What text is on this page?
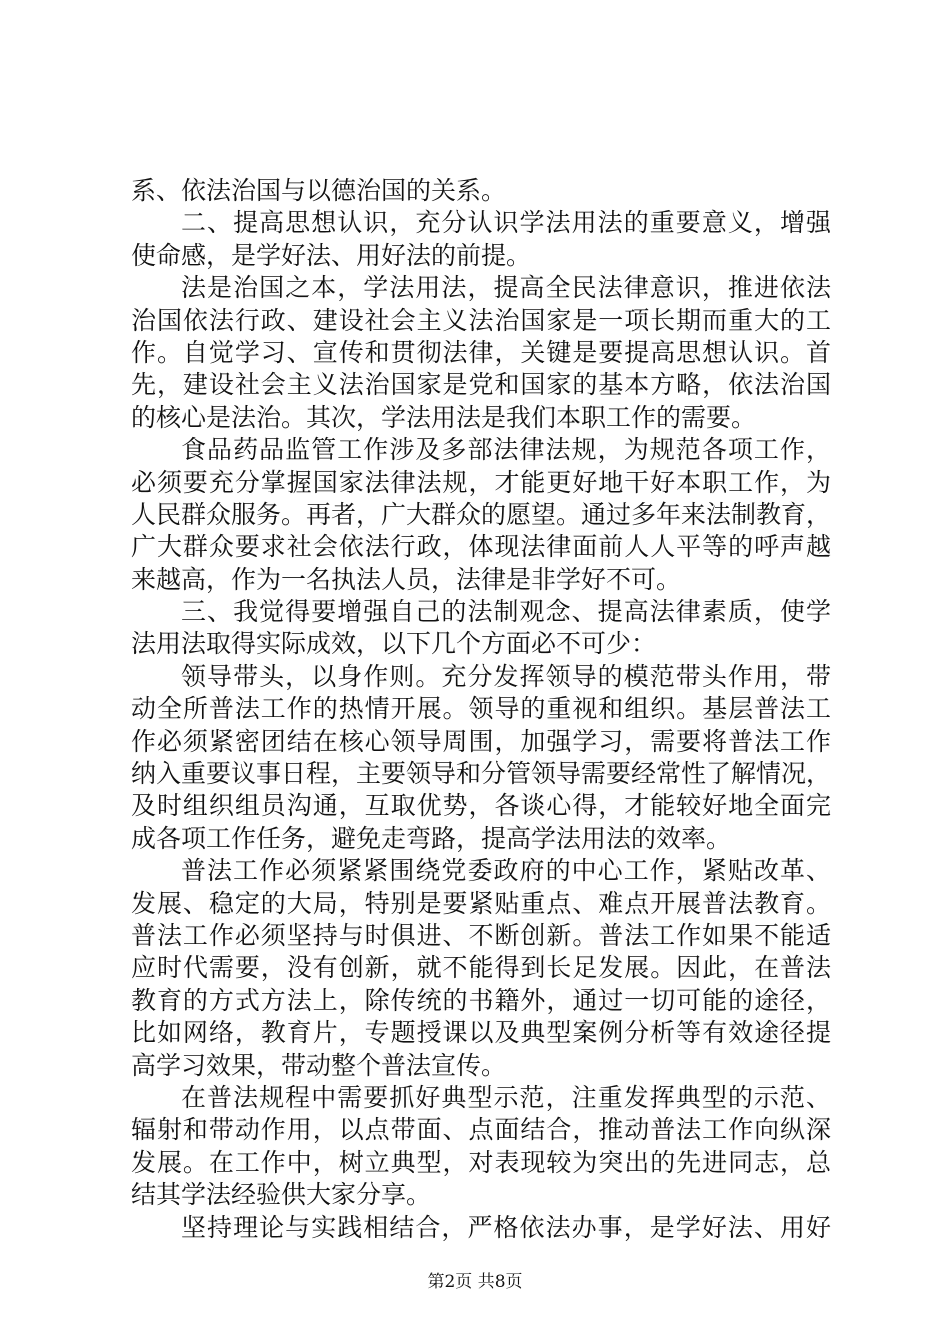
系、依法治国与以德治国的关系。
二、提高思想认识，充分认识学法用法的重要意义，增强
使命感，是学好法、用好法的前提。
法是治国之本，学法用法，提高全民法律意识，推进依法
治国依法行政、建设社会主义法治国家是一项长期而重大的工
作。自觉学习、宣传和贯彻法律，关键是要提高思想认识。首
先，建设社会主义法治国家是党和国家的基本方略，依法治国
的核心是法治。其次，学法用法是我们本职工作的需要。
食品药品监管工作涉及多部法律法规，为规范各项工作，
必须要充分掌握国家法律法规，才能更好地干好本职工作，为
人民群众服务。再者，广大群众的愿望。通过多年来法制教育，
广大群众要求社会依法行政，体现法律面前人人平等的呼声越
来越高，作为一名执法人员，法律是非学好不可。
三、我觉得要增强自己的法制观念、提高法律素质，使学
法用法取得实际成效，以下几个方面必不可少：
领导带头，以身作则。充分发挥领导的模范带头作用，带
动全所普法工作的热情开展。领导的重视和组织。基层普法工
作必须紧密团结在核心领导周围，加强学习，需要将普法工作
纳入重要议事日程，主要领导和分管领导需要经常性了解情况，
及时组织组员沟通，互取优势，各谈心得，才能较好地全面完
成各项工作任务，避免走弯路，提高学法用法的效率。
普法工作必须紧紧围绕党委政府的中心工作，紧贴改革、
发展、稳定的大局，特别是要紧贴重点、难点开展普法教育。
普法工作必须坚持与时俱进、不断创新。普法工作如果不能适
应时代需要，没有创新，就不能得到长足发展。因此，在普法
教育的方式方法上，除传统的书籍外，通过一切可能的途径，
比如网络，教育片，专题授课以及典型案例分析等有效途径提
高学习效果，带动整个普法宣传。
在普法规程中需要抓好典型示范，注重发挥典型的示范、
辐射和带动作用，以点带面、点面结合，推动普法工作向纵深
发展。在工作中，树立典型，对表现较为突出的先进同志，总
结其学法经验供大家分享。
坚持理论与实践相结合，严格依法办事，是学好法、用好
第2页 共8页
